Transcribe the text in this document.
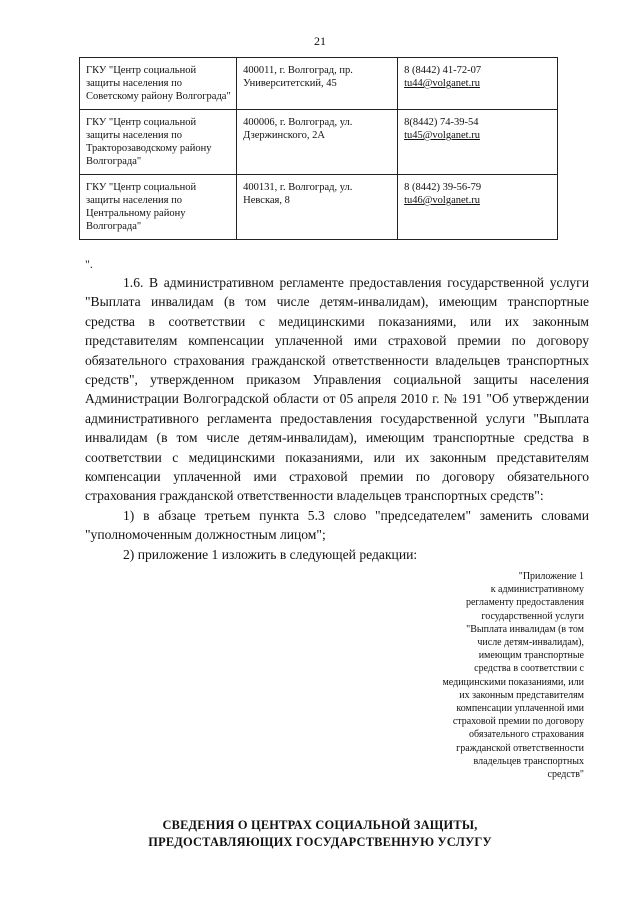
21
ГКУ "Центр социальной защиты населения по Советскому району Волгограда"	400011, г. Волгоград, пр. Университетский, 45	8 (8442) 41-72-07
tu44@volganet.ru

ГКУ "Центр социальной защиты населения по Тракторозаводскому району Волгограда"	400006, г. Волгоград, ул. Дзержинского, 2А	8(8442) 74-39-54
tu45@volganet.ru

ГКУ "Центр социальной защиты населения по Центральному району Волгограда"	400131, г. Волгоград, ул. Невская, 8	8 (8442) 39-56-79
tu46@volganet.ru
".

1.6. В административном регламенте предоставления государственной услуги "Выплата инвалидам (в том числе детям-инвалидам), имеющим транспортные средства в соответствии с медицинскими показаниями, или их законным представителям компенсации уплаченной ими страховой премии по договору обязательного страхования гражданской ответственности владельцев транспортных средств", утвержденном приказом Управления социальной защиты населения Администрации Волгоградской области от 05 апреля 2010 г. № 191 "Об утверждении административного регламента предоставления государственной услуги "Выплата инвалидам (в том числе детям-инвалидам), имеющим транспортные средства в соответствии с медицинскими показаниями, или их законным представителям компенсации уплаченной ими страховой премии по договору обязательного страхования гражданской ответственности владельцев транспортных средств":

1) в абзаце третьем пункта 5.3 слово "председателем" заменить словами "уполномоченным должностным лицом";

2) приложение 1 изложить в следующей редакции:

"Приложение 1
к административному
регламенту предоставления
государственной услуги
"Выплата инвалидам (в том
числе детям-инвалидам),
имеющим транспортные
средства в соответствии с
медицинскими показаниями, или
их законным представителям
компенсации уплаченной ими
страховой премии по договору
обязательного страхования
гражданской ответственности
владельцев транспортных
средств"
СВЕДЕНИЯ О ЦЕНТРАХ СОЦИАЛЬНОЙ ЗАЩИТЫ,
ПРЕДОСТАВЛЯЮЩИХ ГОСУДАРСТВЕННУЮ УСЛУГУ
